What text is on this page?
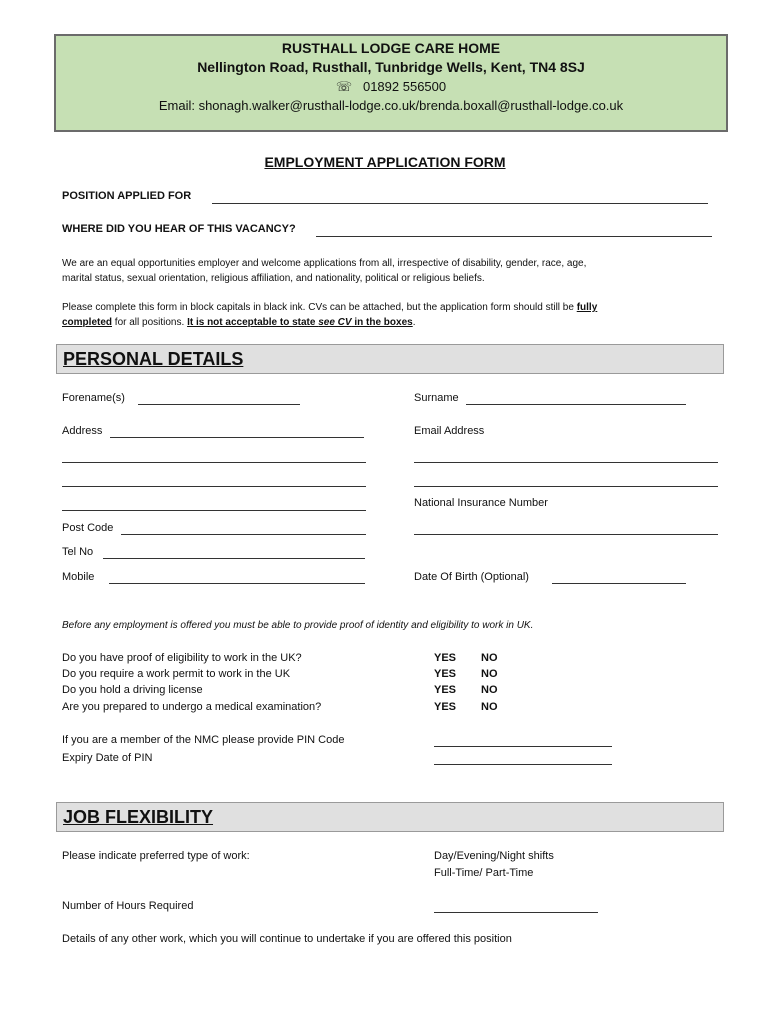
RUSTHALL LODGE CARE HOME
Nellington Road, Rusthall, Tunbridge Wells, Kent, TN4 8SJ
☏ 01892 556500
Email: shonagh.walker@rusthall-lodge.co.uk/brenda.boxall@rusthall-lodge.co.uk
EMPLOYMENT APPLICATION FORM
POSITION APPLIED FOR
WHERE DID YOU HEAR OF THIS VACANCY?
We are an equal opportunities employer and welcome applications from all, irrespective of disability, gender, race, age,
marital status, sexual orientation, religious affiliation, and nationality, political or religious beliefs.
Please complete this form in block capitals in black ink. CVs can be attached, but the application form should still be fully
completed for all positions. It is not acceptable to state see CV in the boxes.
PERSONAL DETAILS
Forename(s)	Surname
Address	Email Address
National Insurance Number
Post Code
Tel No
Mobile	Date Of Birth (Optional)
Before any employment is offered you must be able to provide proof of identity and eligibility to work in UK.
Do you have proof of eligibility to work in the UK?	YES NO
Do you require a work permit to work in the UK	YES NO
Do you hold a driving license	YES NO
Are you prepared to undergo a medical examination?	YES NO
If you are a member of the NMC please provide PIN Code
Expiry Date of PIN
JOB FLEXIBILITY
Please indicate preferred type of work:	Day/Evening/Night shifts
Full-Time/ Part-Time
Number of Hours Required
Details of any other work, which you will continue to undertake if you are offered this position
